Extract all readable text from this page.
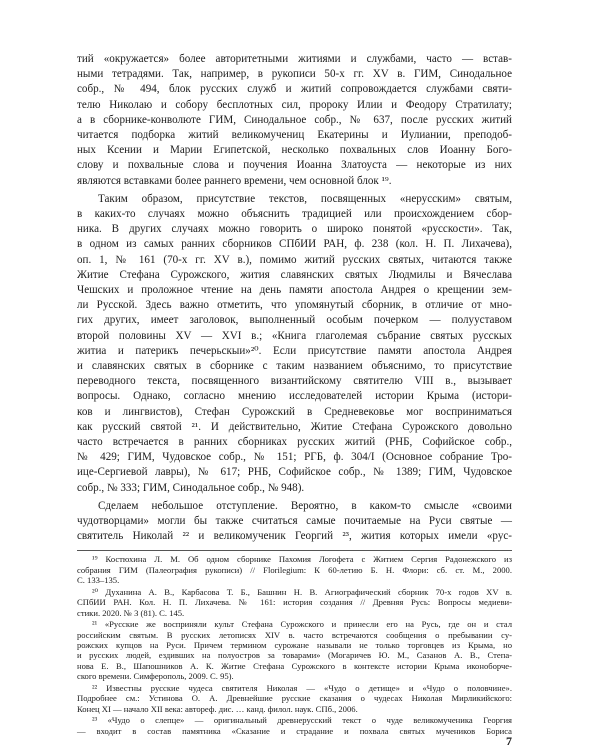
тий «окружается» более авторитетными житиями и службами, часто — встав-

ными тетрадями. Так, например, в рукописи 50-х гг. XV в. ГИМ, Синодальное

собр., № 494, блок русских служб и житий сопровождается службами святи-

телю Николаю и собору бесплотных сил, пророку Илии и Феодору Стратилату;

а в сборнике-конволюте ГИМ, Синодальное собр., № 637, после русских житий

читается подборка житий великомучениц Екатерины и Иулиании, преподоб-

ных Ксении и Марии Египетской, несколько похвальных слов Иоанну Бого-

слову и похвальные слова и поучения Иоанна Златоуста — некоторые из них

являются вставками более раннего времени, чем основной блок ¹⁹.

Таким образом, присутствие текстов, посвященных «нерусским» святым,

в каких-то случаях можно объяснить традицией или происхождением сбор-

ника. В других случаях можно говорить о широко понятой «русскости». Так,

в одном из самых ранних сборников СПбИИ РАН, ф. 238 (кол. Н. П. Лихачева),

оп. 1, № 161 (70-х гг. XV в.), помимо житий русских святых, читаются также

Житие Стефана Сурожского, жития славянских святых Людмилы и Вячеслава

Чешских и проложное чтение на день памяти апостола Андрея о крещении зем-

ли Русской. Здесь важно отметить, что упомянутый сборник, в отличие от мно-

гих других, имеет заголовок, выполненный особым почерком — полууставом

второй половины XV — XVI в.; «Книга глаголемая събрание святых русскых

житиа и патерикъ печерьскыи»²⁰. Если присутствие памяти апостола Андрея

и славянских святых в сборнике с таким названием объяснимо, то присутствие

переводного текста, посвященного византийскому святителю VIII в., вызывает

вопросы. Однако, согласно мнению исследователей истории Крыма (истори-

ков и лингвистов), Стефан Сурожский в Средневековье мог восприниматься

как русский святой ²¹. И действительно, Житие Стефана Сурожского довольно

часто встречается в ранних сборниках русских житий (РНБ, Софийское собр.,

№ 429; ГИМ, Чудовское собр., № 151; РГБ, ф. 304/I (Основное собрание Тро-

ице-Сергиевой лавры), № 617; РНБ, Софийское собр., № 1389; ГИМ, Чудовское

собр., № 333; ГИМ, Синодальное собр., № 948).

Сделаем небольшое отступление. Вероятно, в каком-то смысле «своими

чудотворцами» могли бы также считаться самые почитаемые на Руси святые —

святитель Николай ²² и великомученик Георгий ²³, жития которых имели «рус-

¹⁹ Костюхина Л. М. Об одном сборнике Пахомия Логофета с Житием Сергия Радонежского из

собрания ГИМ (Палеография рукописи) // Florilegium: К 60-летию Б. Н. Флори: сб. ст. М., 2000.

С. 133–135.

²⁰ Духанина А. В., Карбасова Т. Б., Башнин Н. В. Агиографический сборник 70-х годов XV в.

СПбИИ РАН. Кол. Н. П. Лихачева. № 161: история создания // Древняя Русь: Вопросы медиеви-

стики. 2020. № 3 (81). С. 145.

²¹ «Русские же восприняли культ Стефана Сурожского и принесли его на Русь, где он и стал

российским святым. В русских летописях XIV в. часто встречаются сообщения о пребывании су-

рожских купцов на Руси. Причем термином сурожане называли не только торговцев из Крыма, но

и русских людей, ездивших на полуостров за товарами» (Могаричев Ю. М., Сазанов А. В., Степа-

нова Е. В., Шапошников А. К. Житие Стефана Сурожского в контексте истории Крыма иконоборче-

ского времени. Симферополь, 2009. С. 95).

²² Известны русские чудеса святителя Николая — «Чудо о детище» и «Чудо о половчине».

Подробнее см.: Устинова О. А. Древнейшие русские сказания о чудесах Николая Мирликийского:

Конец XI — начало XII века: автореф. дис. … канд. филол. наук. СПб., 2006.

²³ «Чудо о слепце» — оригинальный древнерусский текст о чуде великомученика Георгия

— входит в состав памятника «Сказание и страдание и похвала святых мучеников Бориса

7
